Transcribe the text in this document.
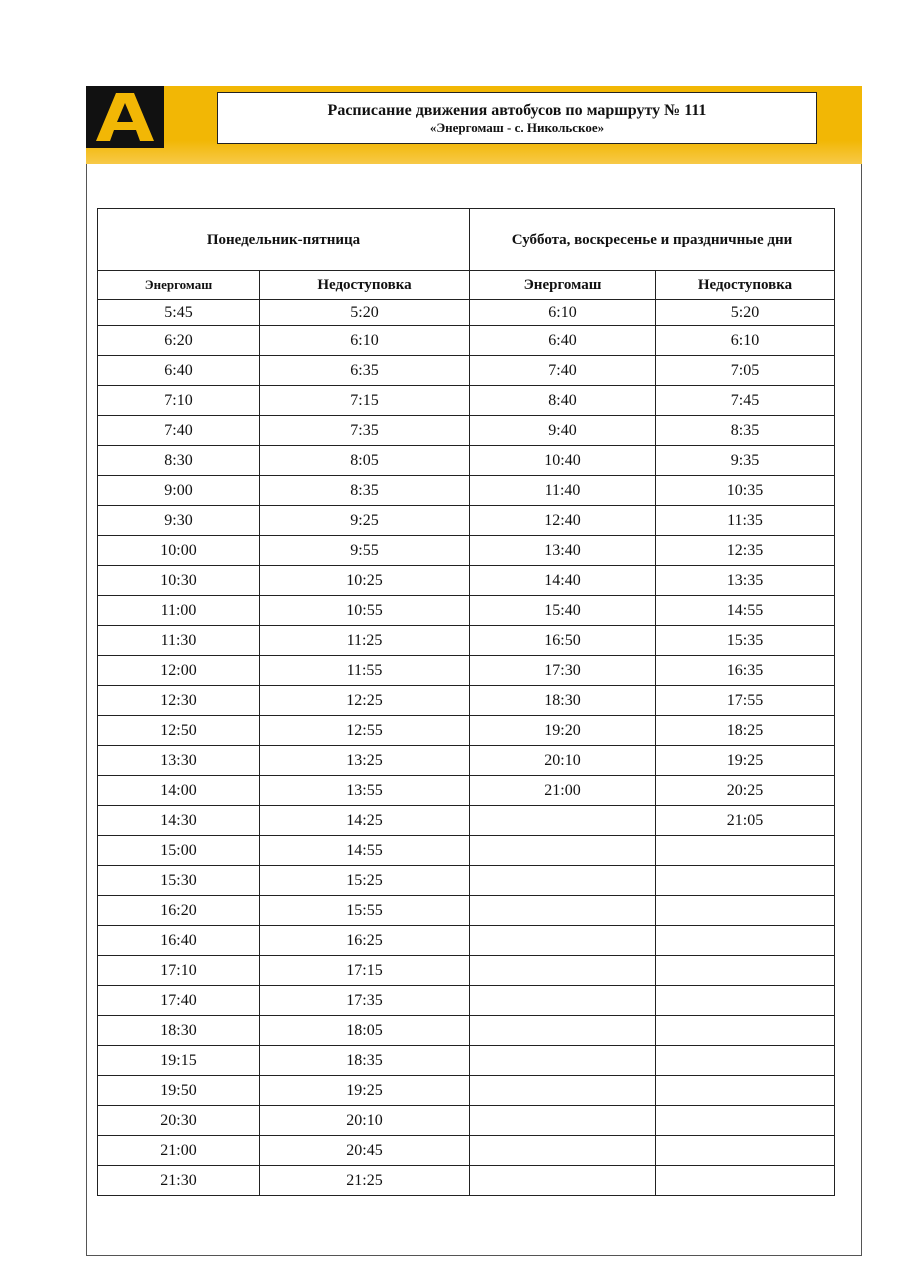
Расписание движения автобусов по маршруту № 111
«Энергомаш - с. Никольское»
Понедельник-пятница		Суббота, воскресенье и праздничные дни	
Энергомаш	Недоступовка	Энергомаш	Недоступовка
5:45	5:20	6:10	5:20
6:20	6:10	6:40	6:10
6:40	6:35	7:40	7:05
7:10	7:15	8:40	7:45
7:40	7:35	9:40	8:35
8:30	8:05	10:40	9:35
9:00	8:35	11:40	10:35
9:30	9:25	12:40	11:35
10:00	9:55	13:40	12:35
10:30	10:25	14:40	13:35
11:00	10:55	15:40	14:55
11:30	11:25	16:50	15:35
12:00	11:55	17:30	16:35
12:30	12:25	18:30	17:55
12:50	12:55	19:20	18:25
13:30	13:25	20:10	19:25
14:00	13:55	21:00	20:25
14:30	14:25		21:05
15:00	14:55		
15:30	15:25		
16:20	15:55		
16:40	16:25		
17:10	17:15		
17:40	17:35		
18:30	18:05		
19:15	18:35		
19:50	19:25		
20:30	20:10		
21:00	20:45		
21:30	21:25		
